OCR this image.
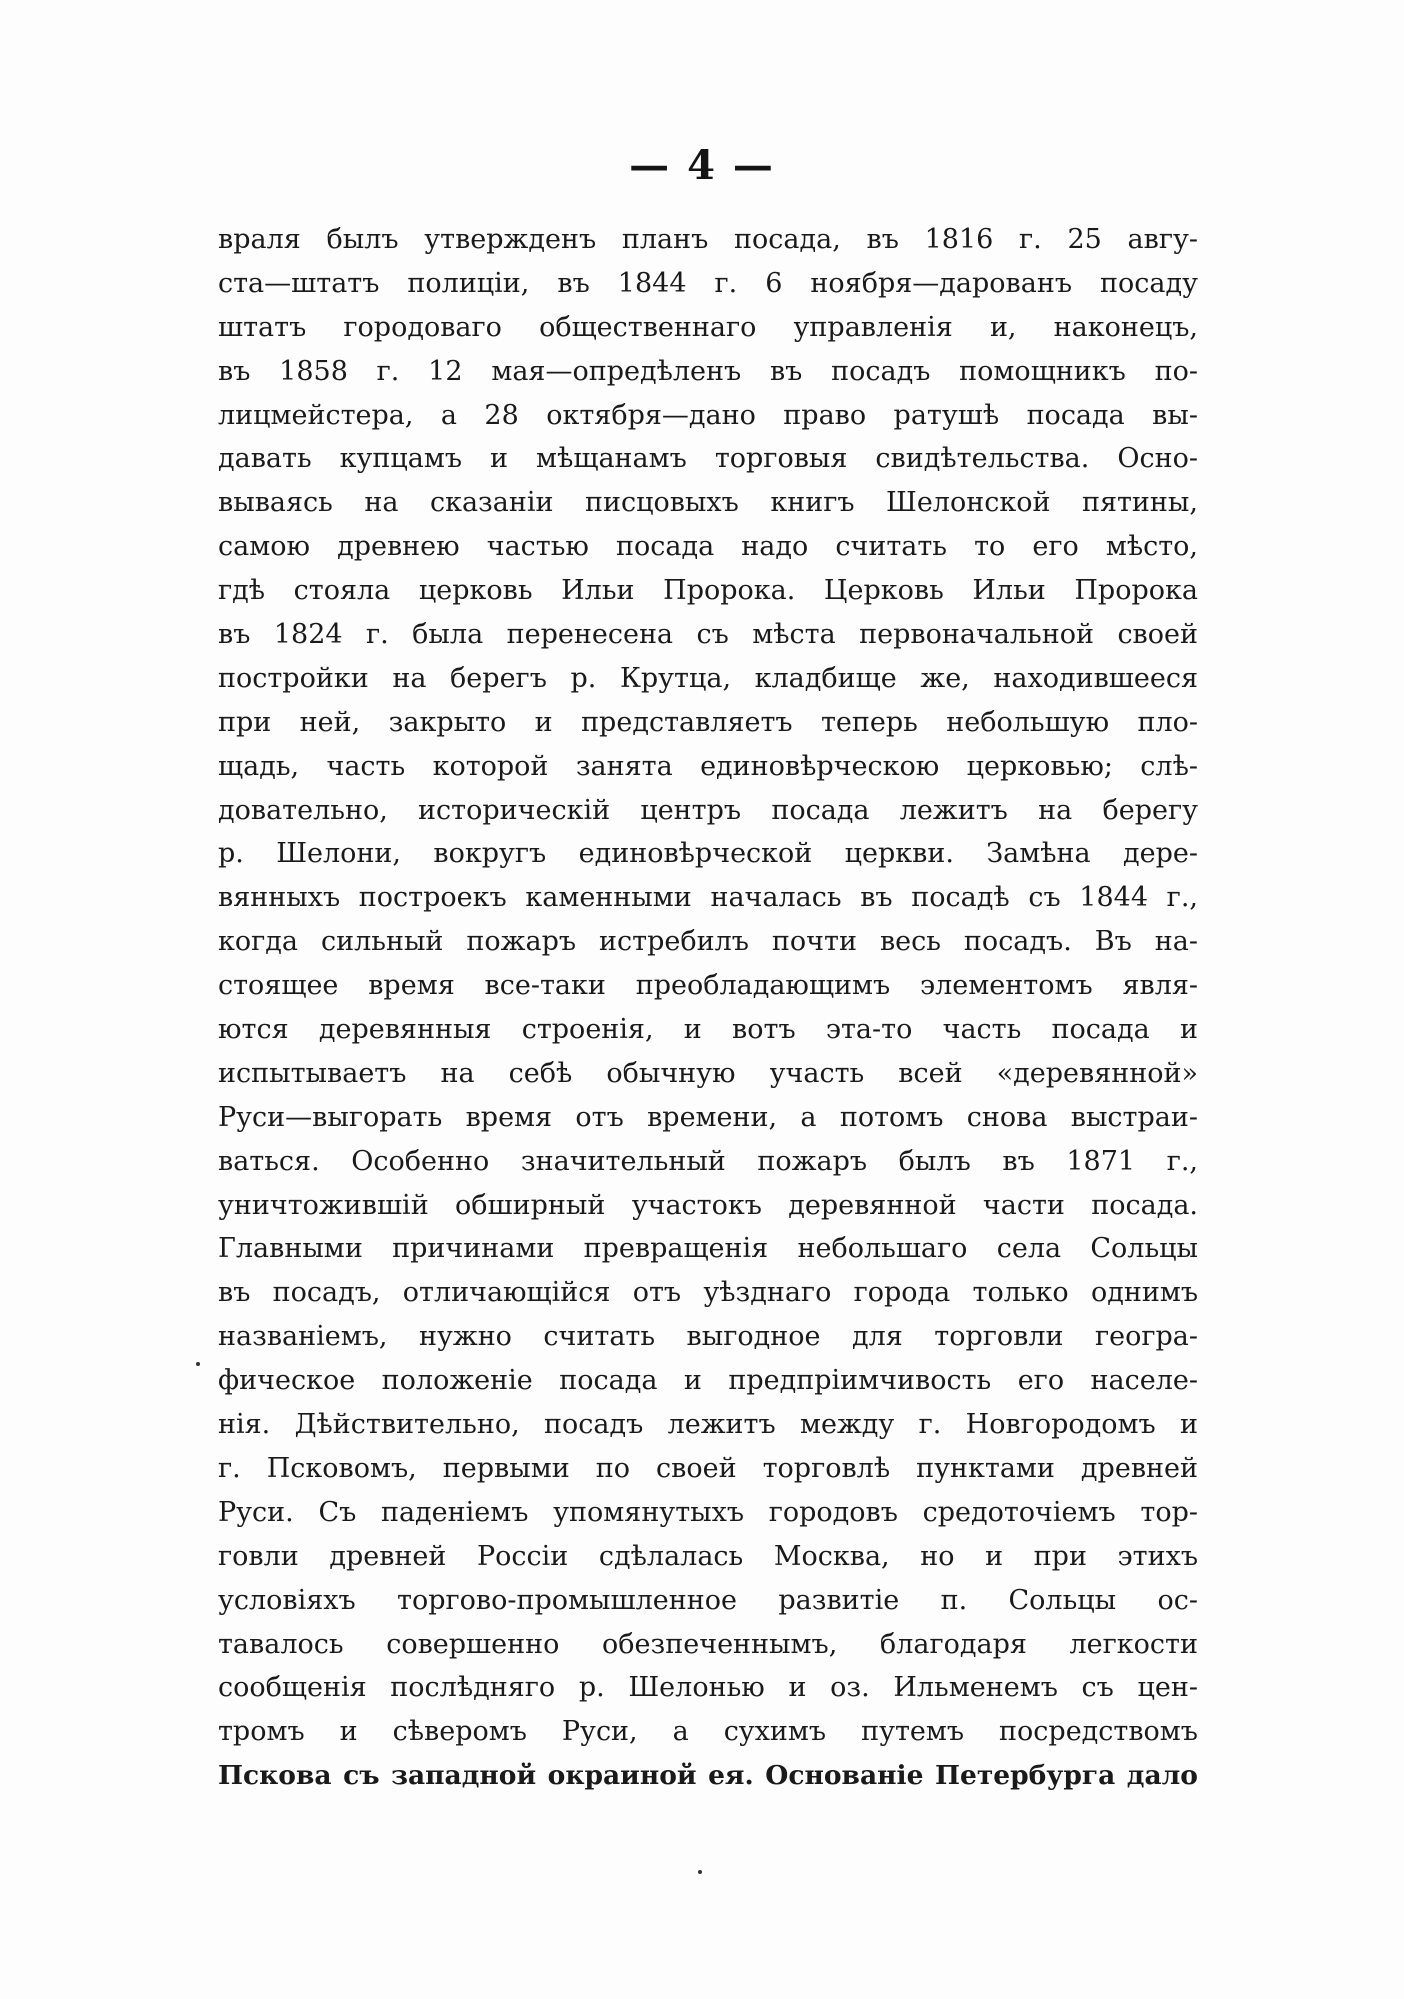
— 4 —
враля былъ утвержденъ планъ посада, въ 1816 г. 25 авгу-
ста—штатъ полиціи, въ 1844 г. 6 ноября—дарованъ посаду
штатъ городоваго общественнаго управленія и, наконецъ,
въ 1858 г. 12 мая—опредѣленъ въ посадъ помощникъ по-
лицмейстера, а 28 октября—дано право ратушѣ посада вы-
давать купцамъ и мѣщанамъ торговыя свидѣтельства. Осно-
вываясь на сказаніи писцовыхъ книгъ Шелонской пятины,
самою древнею частью посада надо считать то его мѣсто,
гдѣ стояла церковь Ильи Пророка. Церковь Ильи Пророка
въ 1824 г. была перенесена съ мѣста первоначальной своей
постройки на берегъ р. Крутца, кладбище же, находившееся
при ней, закрыто и представляетъ теперь небольшую пло-
щадь, часть которой занята единовѣрческою церковью; слѣ-
довательно, историческій центръ посада лежитъ на берегу
р. Шелони, вокругъ единовѣрческой церкви. Замѣна дере-
вянныхъ построекъ каменными началась въ посадѣ съ 1844 г.,
когда сильный пожаръ истребилъ почти весь посадъ. Въ на-
стоящее время все-таки преобладающимъ элементомъ явля-
ются деревянныя строенія, и вотъ эта-то часть посада и
испытываетъ на себѣ обычную участь всей «деревянной»
Руси—выгорать время отъ времени, а потомъ снова выстраи-
ваться. Особенно значительный пожаръ былъ въ 1871 г.,
уничтожившій обширный участокъ деревянной части посада.
Главными причинами превращенія небольшаго села Сольцы
въ посадъ, отличающійся отъ уѣзднаго города только однимъ
названіемъ, нужно считать выгодное для торговли геогра-
фическое положеніе посада и предпріимчивость его населе-
нія. Дѣйствительно, посадъ лежитъ между г. Новгородомъ и
г. Псковомъ, первыми по своей торговлѣ пунктами древней
Руси. Съ паденіемъ упомянутыхъ городовъ средоточіемъ тор-
говли древней Россіи сдѣлалась Москва, но и при этихъ
условіяхъ торгово-промышленное развитіе п. Сольцы ос-
тавалось совершенно обезпеченнымъ, благодаря легкости
сообщенія послѣдняго р. Шелонью и оз. Ильменемъ съ цен-
тромъ и сѣверомъ Руси, а сухимъ путемъ посредствомъ
Пскова съ западной окраиной ея. Основаніе Петербурга дало
